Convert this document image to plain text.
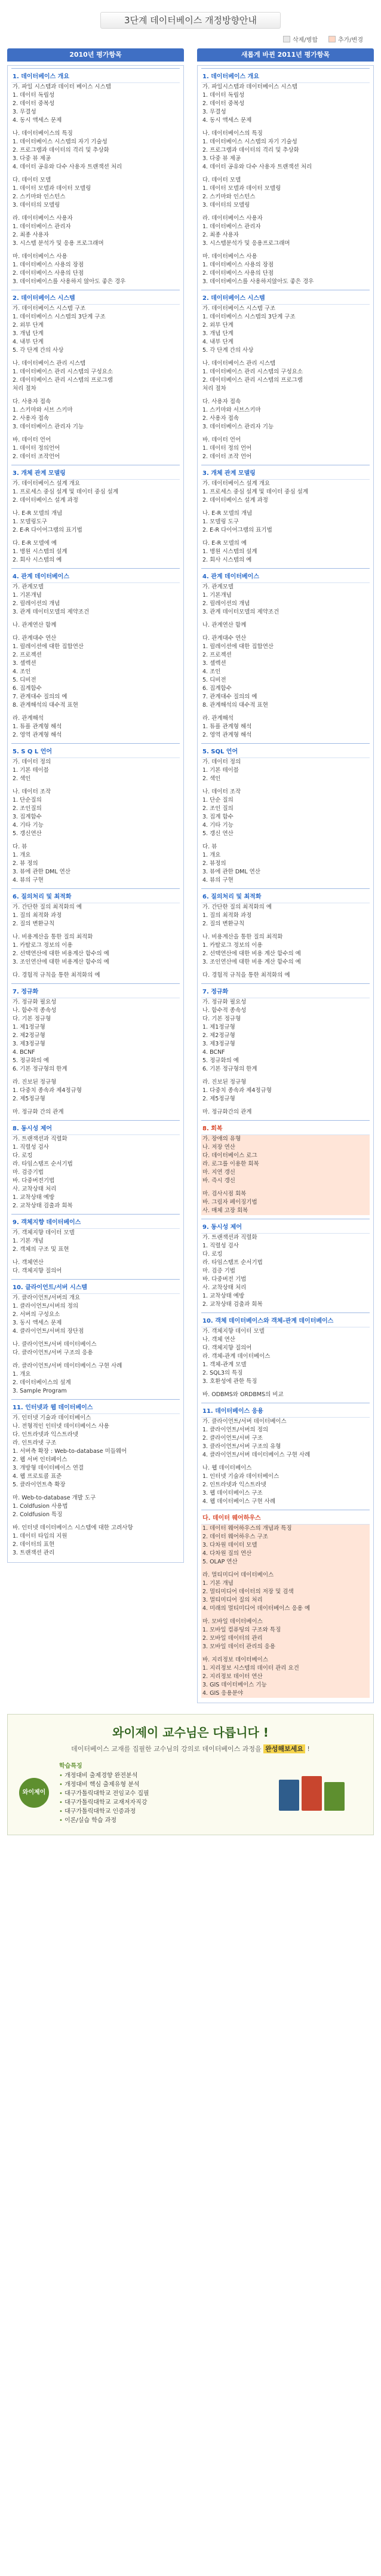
3단계 데이터베이스 개정방향안내
삭제/병합	추가/변경
2010년 평가항목
1. 데이터베이스 개요
가. 파일 시스템과 데이터 베이스 시스템
1. 데이터 독립성
2. 데이터 중복성
3. 무결성
4. 동시 액세스 문제
나. 데이터베이스의 특징
1. 데이터베이스 시스템의 자기 기술성
2. 프로그램과 데이터의 격리 및 추상화
3. 다중 뷰 제공
4. 데이터 공유와 다수 사용자 트랜잭션 처리
다. 데이터 모델
1. 데이터 모델과 데이터 모델링
2. 스키마와 인스턴스
3. 데이터의 모델링
라. 데이터베이스 사용자
1. 데이터베이스 관리자
2. 최종 사용자
3. 시스템 분석가 및 응용 프로그래머
마. 데이터베이스 사용
1. 데이터베이스 사용의 장점
2. 데이터베이스 사용의 단점
3. 데이터베이스를 사용하지 않아도 좋은 경우
2. 데이터베이스 시스템
가. 데이터베이스 시스템 구조
1. 데이터베이스 시스템의 3단계 구조
2. 외부 단계
3. 개념 단계
4. 내부 단계
5. 각 단계 간의 사상
나. 데이터베이스 관리 시스템
1. 데이터베이스 관리 시스템의 구성요소
2. 데이터베이스 관리 시스템의 프로그램
처리 절차
다. 사용자 접속
1. 스키마와 서브 스키마
2. 사용자 접속
3. 데이터베이스 관리자 기능
바. 데이터 언어
1. 데이터 정의언어
2. 데이터 조작언어
3. 개체 관계 모델링
가. 데이터베이스 설계 개요
1. 프로세스 중심 설계 및 데이터 중심 설계
2. 데이터베이스 설계 과정
나. E-R 모델의 개념
1. 모델링도구
2. E-R 다이어그램의 표기법
다. E-R 모델에 예
1. 병원 시스템의 설계
2. 회사 시스템의 예
4. 관계 데이터베이스
가. 관계모델
1. 기본개념
2. 릴레이션의 개념
3. 관계 데이터모델의 제약조건
나. 관계연산 함께
다. 관계대수 연산
1. 릴레이션에 대한 집합연산
2. 프로젝션
3. 셀렉션
4. 조인
5. 디비전
6. 집계함수
7. 관계대수 질의의 예
8. 관계해석의 대수적 표현
라. 관계해석
1. 튜플 관계형 해석
2. 영역 관계형 해석
5. S Q L 언어
가. 데이터 정의
1. 기본 테이블
2. 색인
나. 데이터 조작
1. 단순질의
2. 조인질의
3. 집계함수
4. 기타 기능
5. 갱신연산
다. 뷰
1. 개요
2. 뷰 정의
3. 뷰에 관한 DML 연산
4. 뷰의 구현
6. 질의처리 및 최적화
가. 간단한 질의 최적화의 예
1. 질의 최적화 과정
2. 질의 변환규칙
나. 비용계산을 통한 질의 최적화
1. 카탈로그 정보의 이용
2. 선택연산에 대한 비용계산 함수의 예
3. 조인연산에 대한 비용계산 함수의 예
다. 경험적 규칙을 통한 최적화의 예
7. 정규화
가. 정규화 필요성
나. 함수적 종속성
다. 기본 정규형
1. 제1정규형
2. 제2정규형
3. 제3정규형
4. BCNF
5. 정규화의 예
6. 기본 정규형의 한계
라. 진보된 정규형
1. 다중치 종속과 제4정규형
2. 제5정규형
마. 정규화 간의 관계
8. 동시성 제어
가. 트랜잭션과 직렬화
1. 직렬성 검사
다. 로킹
라. 타임스탬프 순서기법
마. 검증기법
바. 다중버전기법
사. 교착상태 처리
1. 교착상태 예방
2. 교착상태 검출과 회복
9. 객체지향 데이터베이스
가. 객체지향 데이터 모델
1. 기본 개념
2. 객체의 구조 및 표현
나. 객체연산
다. 객체지향 질의어
10. 클라이언트/서버 시스템
가. 클라이언트/서버의 개요
1. 클라이언트/서버의 정의
2. 서버의 구성요소
3. 동시 액세스 문제
4. 클라이언트/서버의 장단점
나. 클라이언트/서버 데이터베이스
다. 클라이언트/서버 구조의 응용
라. 클라이언트/서버 데이터베이스 구현 사례
1. 개요
2. 데이터베이스의 설계
3. Sample Program
11. 인터넷과 웹 데이터베이스
가. 인터넷 기술과 데이터베이스
나. 전형적인 인터넷 데이터베이스 사용
다. 인트라넷과 익스트라넷
라. 인트라넷 구조
1. 서버측 확장 : Web-to-database 미들웨어
2. 웹 서버 인터페이스
3. 개방형 데이터베이스 연결
4. 웹 프로토콜 표준
5. 클라이언트측 확장
마. Web-to-database 개발 도구
1. Coldfusion 사용법
2. Coldfusion 특징
바. 인터넷 데이터베이스 시스템에 대한 고려사항
1. 데이터 타입의 지원
2. 데이터의 표현
3. 트랜잭션 관리
새롭게 바뀐 2011년 평가항목
1. 데이터베이스 개요
가. 파일시스템과 데이터베이스 시스템
1. 데이터 독립성
2. 데이터 중복성
3. 무결성
4. 동시 액세스 문제
나. 데이터베이스의 특징
1. 데이터베이스 시스템의 자기 기술성
2. 프로그램과 데이터의 격리 및 추상화
3. 다중 뷰 제공
4. 데이터 공유와 다수 사용자 트랜잭션 처리
다. 데이터 모델
1. 데이터 모델과 데이터 모델링
2. 스키마와 인스턴스
3. 데이터의 모델링
라. 데이터베이스 사용자
1. 데이터베이스 관리자
2. 최종 사용자
3. 시스템분석가 및 응용프로그래머
마. 데이터베이스 사용
1. 데이터베이스 사용의 장점
2. 데이터베이스 사용의 단점
3. 데이터베이스를 사용하지않아도 좋은 경우
2. 데이터베이스 시스템
가. 데이터베이스 시스템 구조
1. 데이터베이스 시스템의 3단계 구조
2. 외부 단계
3. 개념 단계
4. 내부 단계
5. 각 단계 간의 사상
나. 데이터베이스 관리 시스템
1. 데이터베이스 관리 시스템의 구성요소
2. 데이터베이스 관리 시스템의 프로그램
처리 절차
다. 사용자 접속
1. 스키마와 서브스키마
2. 사용자 접속
3. 데이터베이스 관리자 기능
바. 데이터 언어
1. 데이터 정의 언어
2. 데이터 조작 언어
3. 개체 관계 모델링
가. 데이터베이스 설계 개요
1. 프로세스 중심 설계 및 데이터 중심 설계
2. 데이터베이스 설계 과정
나. E-R 모델의 개념
1. 모델링 도구
2. E-R 다이어그램의 표기법
다. E-R 모델의 예
1. 병원 시스템의 설계
2. 회사 시스템의 예
4. 관계 데이터베이스
가. 관계모델
1. 기본개념
2. 릴레이션의 개념
3. 관계 데이터모델의 제약조건
나. 관계연산 함께
다. 관계대수 연산
1. 릴레이션에 대한 집합연산
2. 프로젝션
3. 셀렉션
4. 조인
5. 디비전
6. 집계함수
7. 관계대수 질의의 예
8. 관계해석의 대수적 표현
라. 관계해석
1. 튜플 관계형 해석
2. 영역 관계형 해석
5. SQL 언어
가. 데이터 정의
1. 기본 테이블
2. 색인
나. 데이터 조작
1. 단순 질의
2. 조인 질의
3. 집계 함수
4. 기타 기능
5. 갱신 연산
다. 뷰
1. 개요
2. 뷰정의
3. 뷰에 관한 DML 연산
4. 뷰의 구현
6. 질의처리 및 최적화
가. 간단한 질의 최적화의 예
1. 질의 최적화 과정
2. 질의 변환규칙
나. 비용계산을 통한 질의 최적화
1. 카탈로그 정보의 이용
2. 선택연산에 대한 비용 계산 함수의 예
3. 조인연산에 대한 비용 계산 함수의 예
다. 경험적 규칙을 통한 최적화의 예
7. 정규화
가. 정규화 필요성
나. 함수적 종속성
다. 기본 정규형
1. 제1정규형
2. 제2정규형
3. 제3정규형
4. BCNF
5. 정규화의 예
6. 기본 정규형의 한계
라. 진보된 정규형
1. 다중치 종속과 제4정규형
2. 제5정규형
마. 정규화간의 관계
8. 회복
가. 장애의 유형
나. 저장 연산
다. 데이터베이스 로그
라. 로그를 이용한 회복
마. 지연 갱신
바. 즉시 갱신
마. 검사시점 회복
바. 그림자 페이징기법
사. 매체 고장 회복
9. 동시성 제어
가. 트랜잭션과 직렬화
1. 직렬성 검사
다. 로킹
라. 타임스탬프 순서기법
마. 검증 기법
바. 다중버전 기법
사. 교착상태 처리
1. 교착상태 예방
2. 교착상태 검출과 회복
10. 객체 데이터베이스와 객체-관계 데이터베이스
가. 객체지향 데이터 모델
나. 객체 연산
다. 객체지향 질의어
라. 객체-관계 데이터베이스
1. 객체-관계 모델
2. SQL3의 특징
3. 호환성에 관한 특징
바. ODBMS와 ORDBMS의 비교
11. 데이터베이스 응용
가. 클라이언트/서버 데이터베이스
1. 클라이언트/서버의 정의
2. 클라이언트/서버 구조
3. 클라이언트/서버 구조의 유형
4. 클라이언트/서버 데이터베이스 구현 사례
나. 웹 데이터베이스
1. 인터넷 기술과 데이터베이스
2. 인트라넷과 익스트라넷
3. 웹 데이터베이스 구조
4. 웹 데이터베이스 구현 사례
다. 데이터 웨어하우스
1. 데이터 웨어하우스의 개념과 특징
2. 데이터 웨어하우스 구조
3. 다차원 데이터 모델
4. 다차원 질의 연산
5. OLAP 연산
라. 멀티미디어 데이터베이스
1. 기본 개념
2. 멀티미디어 데이터의 저장 및 검색
3. 멀티미디어 질의 처리
4. 미래의 멀티미디어 데이터베이스 응용 예
마. 모바일 데이터베이스
1. 모바일 컴퓨팅의 구조와 특징
2. 모바일 데이터의 관리
3. 모바일 데이터 관리의 응용
바. 지리정보 데이터베이스
1. 지리정보 시스템의 데이터 관리 요건
2. 지리정보 데이터 연산
3. GIS 데이터베이스 기능
4. GIS 응용분야
와이제이 교수님은 다릅니다 !
데이터베이스 교재를 집필한 교수님의 강의로 데이터베이스 과정을 완성해보세요 !
와이제이
학습특징
• 개정대비 출제경향 완전분석
• 개정대비 핵심 출제유형 분석
• 대구가톨릭대학교 전임교수 집필
• 대구가톨릭대학교 교재저자직강
• 대구가톨릭대학교 인증과정
• 이론/실습 학습 과정
